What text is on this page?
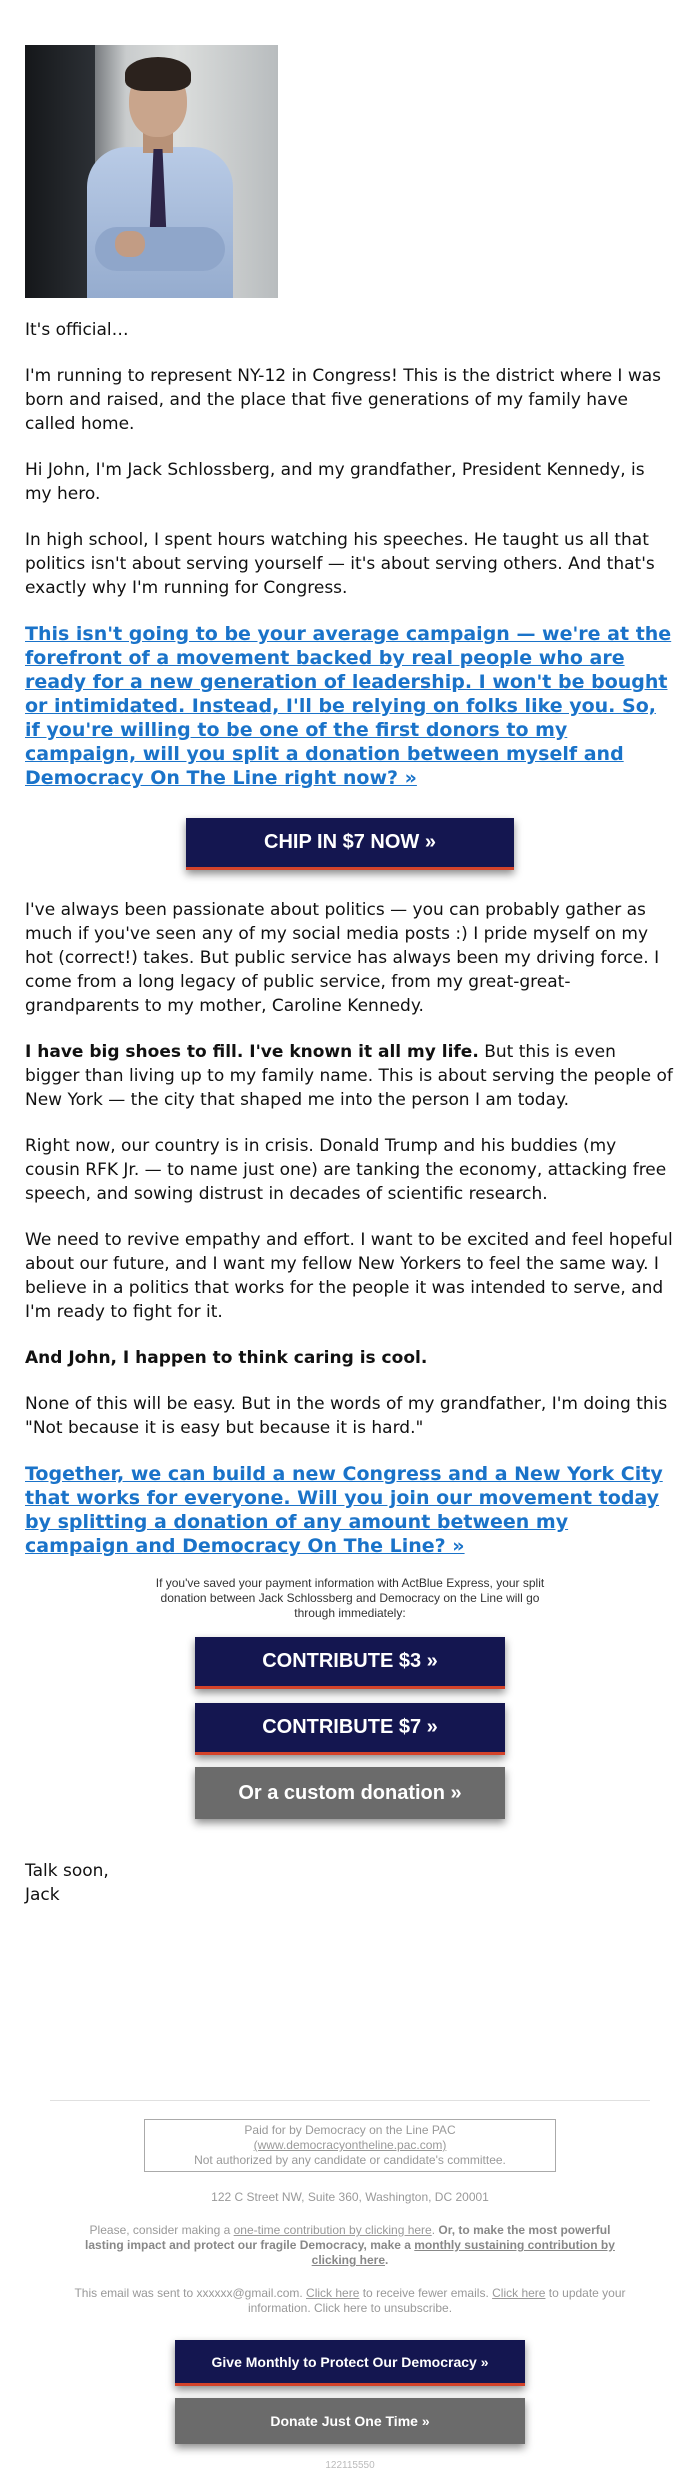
It's official…

I'm running to represent NY-12 in Congress! This is the district where I was born and raised, and the place that five generations of my family have called home.

Hi John, I'm Jack Schlossberg, and my grandfather, President Kennedy, is my hero.

In high school, I spent hours watching his speeches. He taught us all that politics isn't about serving yourself — it's about serving others. And that's exactly why I'm running for Congress.

This isn't going to be your average campaign — we're at the forefront of a movement backed by real people who are ready for a new generation of leadership. I won't be bought or intimidated. Instead, I'll be relying on folks like you. So, if you're willing to be one of the first donors to my campaign, will you split a donation between myself and Democracy On The Line right now? »

CHIP IN $7 NOW »

I've always been passionate about politics — you can probably gather as much if you've seen any of my social media posts :) I pride myself on my hot (correct!) takes. But public service has always been my driving force. I come from a long legacy of public service, from my great-great-grandparents to my mother, Caroline Kennedy.

I have big shoes to fill. I've known it all my life. But this is even bigger than living up to my family name. This is about serving the people of New York — the city that shaped me into the person I am today.

Right now, our country is in crisis. Donald Trump and his buddies (my cousin RFK Jr. — to name just one) are tanking the economy, attacking free speech, and sowing distrust in decades of scientific research.

We need to revive empathy and effort. I want to be excited and feel hopeful about our future, and I want my fellow New Yorkers to feel the same way. I believe in a politics that works for the people it was intended to serve, and I'm ready to fight for it.

And John, I happen to think caring is cool.

None of this will be easy. But in the words of my grandfather, I'm doing this "Not because it is easy but because it is hard."

Together, we can build a new Congress and a New York City that works for everyone. Will you join our movement today by splitting a donation of any amount between my campaign and Democracy On The Line? »

If you've saved your payment information with ActBlue Express, your split donation between Jack Schlossberg and Democracy on the Line will go through immediately:
CONTRIBUTE $3 »
CONTRIBUTE $7 »
Or a custom donation »

Talk soon,

Jack

Paid for by Democracy on the Line PAC
(www.democracyontheline.pac.com)
Not authorized by any candidate or candidate's committee.
122 C Street NW, Suite 360, Washington, DC 20001
Please, consider making a one-time contribution by clicking here. Or, to make the most powerful lasting impact and protect our fragile Democracy, make a monthly sustaining contribution by clicking here.
This email was sent to xxxxxx@gmail.com. Click here to receive fewer emails. Click here to update your information. Click here to unsubscribe.
Give Monthly to Protect Our Democracy »
Donate Just One Time »
122115550
